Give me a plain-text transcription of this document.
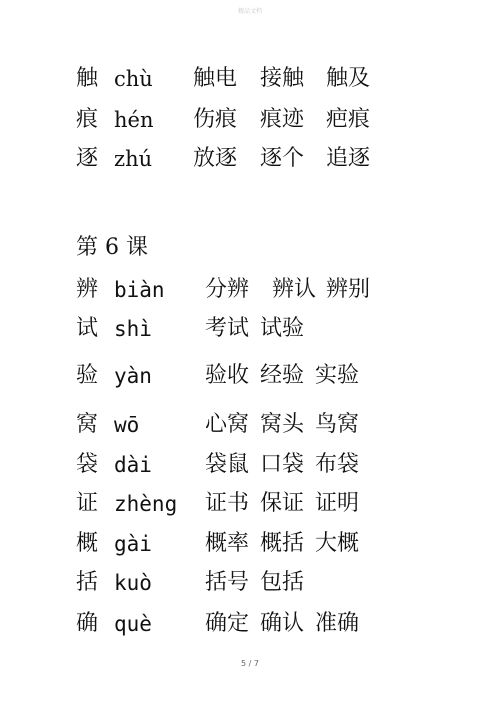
精品文档
触 chù 触电 接触 触及
痕 hén 伤痕 痕迹 疤痕
逐 zhú 放逐 逐个 追逐
第 6 课
辨 biàn 分辨 辨认 辨别
试 shì 考试 试验
验 yàn 验收 经验 实验
窝 wō	心窝 窝头 鸟窝
袋 dài 袋鼠 口袋 布袋
证 zhèng 证书 保证 证明
概 gài 概率 概括 大概
括 kuò 括号 包括
确 què 确定 确认 准确
5 / 7
